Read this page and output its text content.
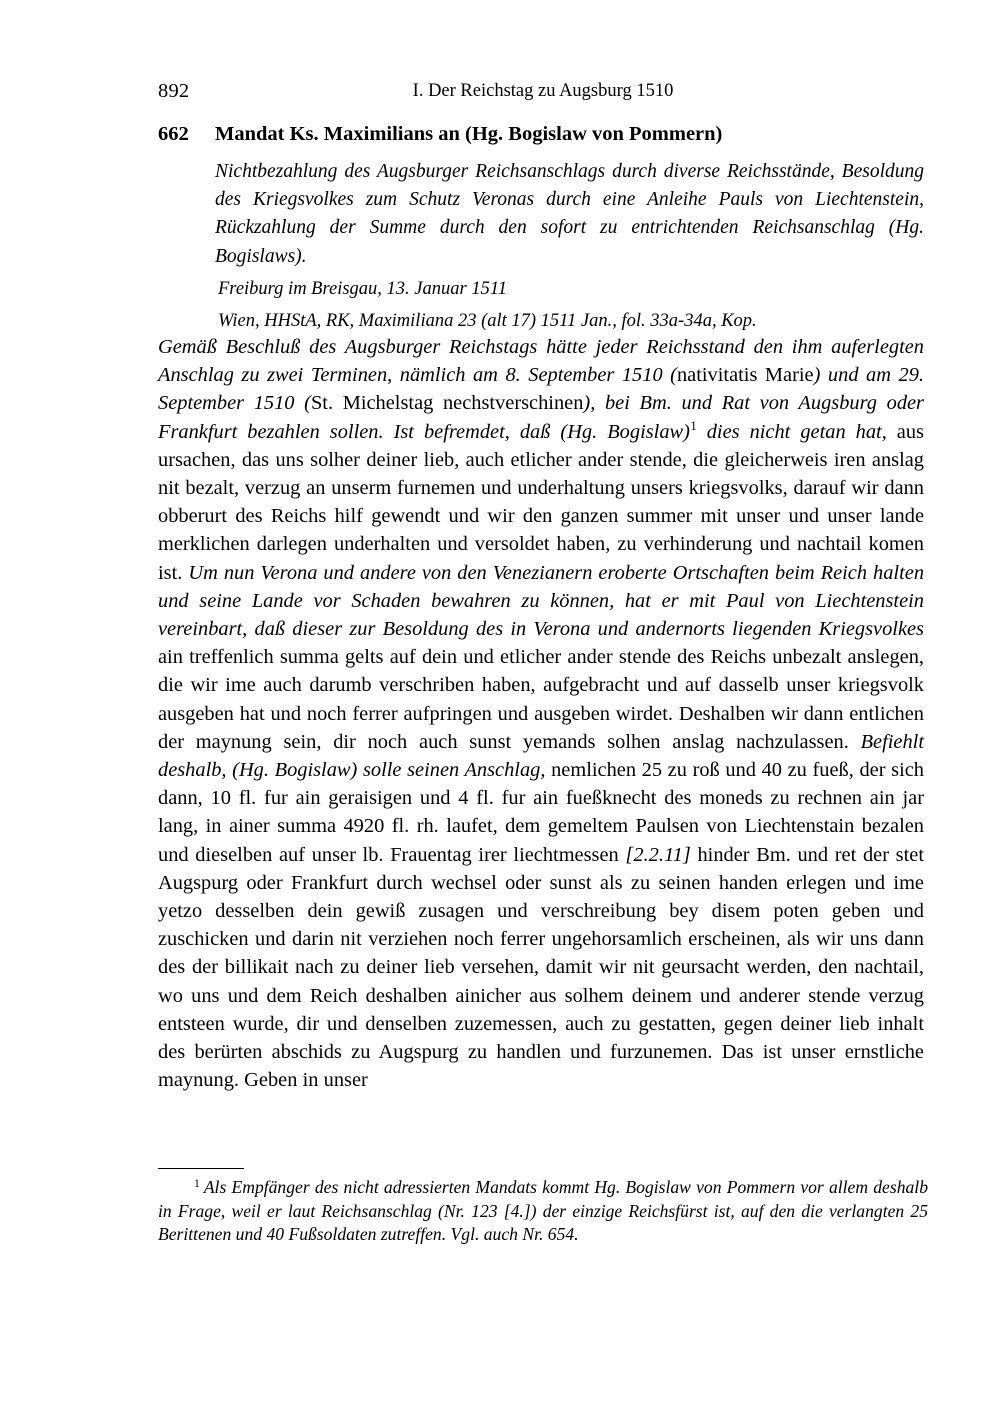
892	I. Der Reichstag zu Augsburg 1510
662 Mandat Ks. Maximilians an (Hg. Bogislaw von Pommern)

Nichtbezahlung des Augsburger Reichsanschlags durch diverse Reichsstände, Besoldung des Kriegsvolkes zum Schutz Veronas durch eine Anleihe Pauls von Liechtenstein, Rückzahlung der Summe durch den sofort zu entrichtenden Reichsanschlag (Hg. Bogislaws).

Freiburg im Breisgau, 13. Januar 1511

Wien, HHStA, RK, Maximiliana 23 (alt 17) 1511 Jan., fol. 33a-34a, Kop.

Gemäß Beschluß des Augsburger Reichstags hätte jeder Reichsstand den ihm auferlegten Anschlag zu zwei Terminen, nämlich am 8. September 1510 (nativitatis Marie) und am 29. September 1510 (St. Michelstag nechstverschinen), bei Bm. und Rat von Augsburg oder Frankfurt bezahlen sollen. Ist befremdet, daß (Hg. Bogislaw)$^1$ dies nicht getan hat, aus ursachen, das uns solher deiner lieb, auch etlicher ander stende, die gleicherweis iren anslag nit bezalt, verzug an unserm furnemen und underhaltung unsers kriegsvolks, darauf wir dann obberurt des Reichs hilf gewendt und wir den ganzen summer mit unser und unser lande merklichen darlegen underhalten und versoldet haben, zu verhinderung und nachtail komen ist. Um nun Verona und andere von den Venezianern eroberte Ortschaften beim Reich halten und seine Lande vor Schaden bewahren zu können, hat er mit Paul von Liechtenstein vereinbart, daß dieser zur Besoldung des in Verona und andernorts liegenden Kriegsvolkes ain treffenlich summa gelts auf dein und etlicher ander stende des Reichs unbezalt anslegen, die wir ime auch darumb verschriben haben, aufgebracht und auf dasselb unser kriegsvolk ausgeben hat und noch ferrer aufpringen und ausgeben wirdet. Deshalben wir dann entlichen der maynung sein, dir noch auch sunst yemands solhen anslag nachzulassen. Befiehlt deshalb, (Hg. Bogislaw) solle seinen Anschlag, nemlichen 25 zu roß und 40 zu fueß, der sich dann, 10 fl. fur ain geraisigen und 4 fl. fur ain fueßknecht des moneds zu rechnen ain jar lang, in ainer summa 4920 fl. rh. laufet, dem gemeltem Paulsen von Liechtenstain bezalen und dieselben auf unser lb. Frauentag irer liechtmessen [2.2.11] hinder Bm. und ret der stet Augspurg oder Frankfurt durch wechsel oder sunst als zu seinen handen erlegen und ime yetzo desselben dein gewiß zusagen und verschreibung bey disem poten geben und zuschicken und darin nit verziehen noch ferrer ungehorsamlich erscheinen, als wir uns dann des der billikait nach zu deiner lieb versehen, damit wir nit geursacht werden, den nachtail, wo uns und dem Reich deshalben ainicher aus solhem deinem und anderer stende verzug entsteen wurde, dir und denselben zuzemessen, auch zu gestatten, gegen deiner lieb inhalt des berürten abschids zu Augspurg zu handlen und furzunemen. Das ist unser ernstliche maynung. Geben in unser

$^1$ Als Empfänger des nicht adressierten Mandats kommt Hg. Bogislaw von Pommern vor allem deshalb in Frage, weil er laut Reichsanschlag (Nr. 123 [4.]) der einzige Reichsfürst ist, auf den die verlangten 25 Berittenen und 40 Fußsoldaten zutreffen. Vgl. auch Nr. 654.
